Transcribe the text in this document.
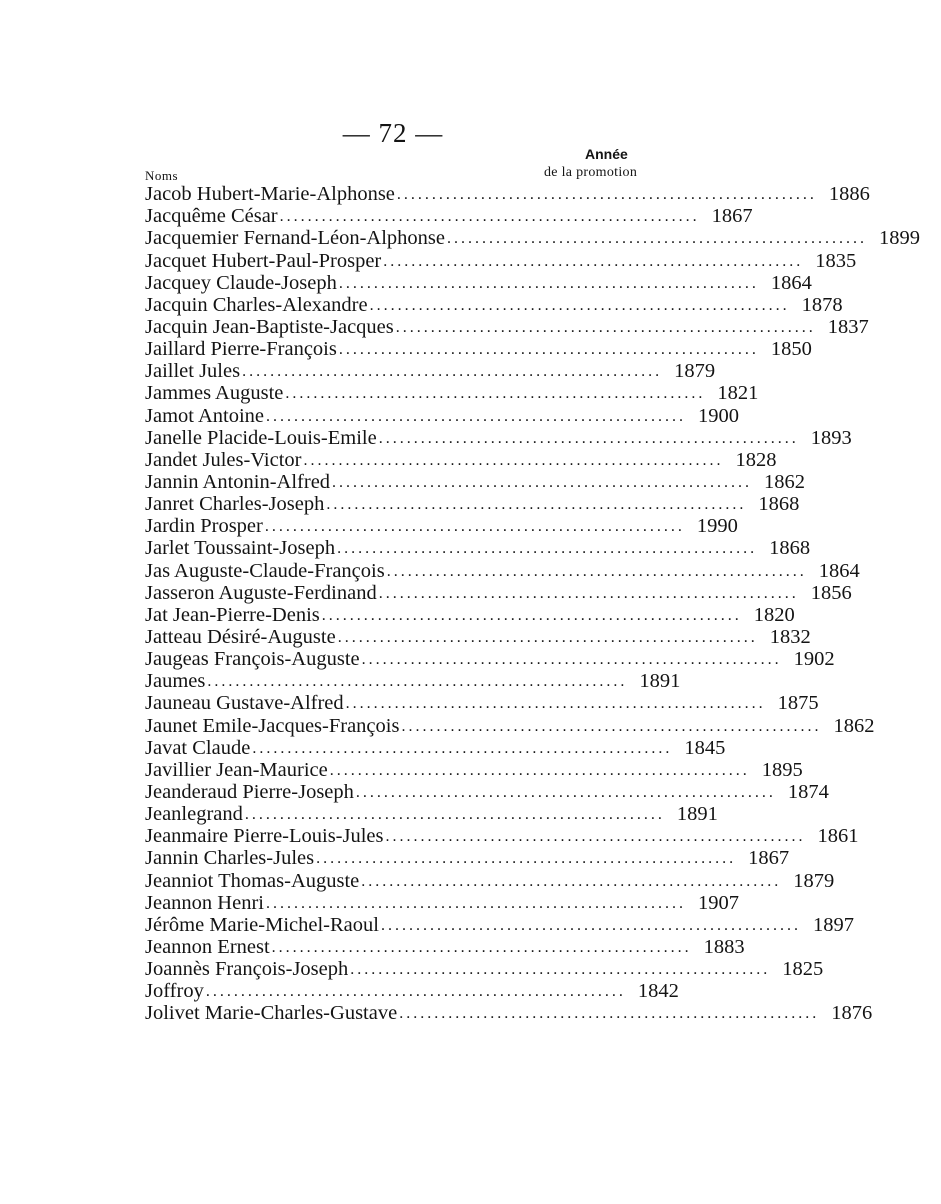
— 72 —
Noms
Année
de la promotion
Jacob Hubert-Marie-Alphonse ............................................................ 1886
Jacquême César ............................................................ 1867
Jacquemier Fernand-Léon-Alphonse ............................................................ 1899
Jacquet Hubert-Paul-Prosper ............................................................ 1835
Jacquey Claude-Joseph ............................................................ 1864
Jacquin Charles-Alexandre ............................................................ 1878
Jacquin Jean-Baptiste-Jacques ............................................................ 1837
Jaillard Pierre-François ............................................................ 1850
Jaillet Jules ............................................................ 1879
Jammes Auguste ............................................................ 1821
Jamot Antoine ............................................................ 1900
Janelle Placide-Louis-Emile ............................................................ 1893
Jandet Jules-Victor ............................................................ 1828
Jannin Antonin-Alfred ............................................................ 1862
Janret Charles-Joseph ............................................................ 1868
Jardin Prosper ............................................................ 1990
Jarlet Toussaint-Joseph ............................................................ 1868
Jas Auguste-Claude-François ............................................................ 1864
Jasseron Auguste-Ferdinand ............................................................ 1856
Jat Jean-Pierre-Denis ............................................................ 1820
Jatteau Désiré-Auguste ............................................................ 1832
Jaugeas François-Auguste ............................................................ 1902
Jaumes ............................................................ 1891
Jauneau Gustave-Alfred ............................................................ 1875
Jaunet Emile-Jacques-François ............................................................ 1862
Javat Claude ............................................................ 1845
Javillier Jean-Maurice ............................................................ 1895
Jeanderaud Pierre-Joseph ............................................................ 1874
Jeanlegrand ............................................................ 1891
Jeanmaire Pierre-Louis-Jules ............................................................ 1861
Jannin Charles-Jules ............................................................ 1867
Jeanniot Thomas-Auguste ............................................................ 1879
Jeannon Henri ............................................................ 1907
Jérôme Marie-Michel-Raoul ............................................................ 1897
Jeannon Ernest ............................................................ 1883
Joannès François-Joseph ............................................................ 1825
Joffroy ............................................................ 1842
Jolivet Marie-Charles-Gustave ............................................................ 1876
